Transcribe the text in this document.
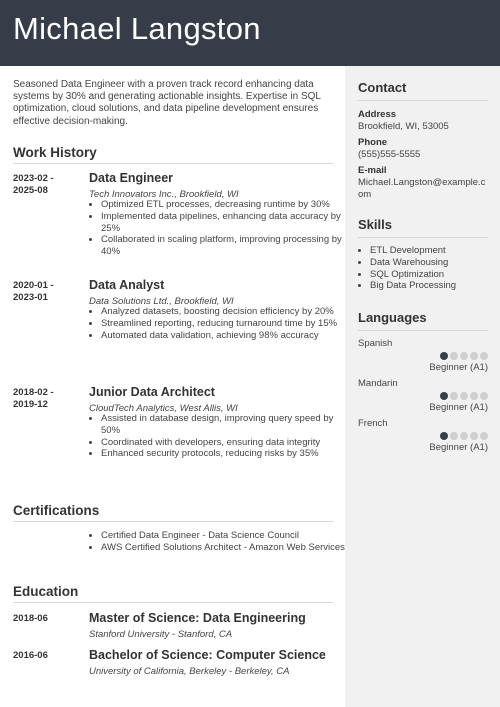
Michael Langston
Contact
Address
Brookfield, WI, 53005
Phone
(555)555-5555
E-mail
Michael.Langston@example.com
Skills
• ETL Development
• Data Warehousing
• SQL Optimization
• Big Data Processing
Languages
Spanish
Beginner (A1)
Mandarin
Beginner (A1)
French
Beginner (A1)
Seasoned Data Engineer with a proven track record enhancing data systems by 30% and generating actionable insights. Expertise in SQL optimization, cloud solutions, and data pipeline development ensures effective decision-making.
Work History
2023-02 -
2025-08
Data Engineer
Tech Innovators Inc., Brookfield, WI
• Optimized ETL processes, decreasing runtime by 30%
• Implemented data pipelines, enhancing data accuracy by 25%
• Collaborated in scaling platform, improving processing by 40%
2020-01 -
2023-01
Data Analyst
Data Solutions Ltd., Brookfield, WI
• Analyzed datasets, boosting decision efficiency by 20%
• Streamlined reporting, reducing turnaround time by 15%
• Automated data validation, achieving 98% accuracy
2018-02 -
2019-12
Junior Data Architect
CloudTech Analytics, West Allis, WI
• Assisted in database design, improving query speed by 50%
• Coordinated with developers, ensuring data integrity
• Enhanced security protocols, reducing risks by 35%
Certifications
• Certified Data Engineer - Data Science Council
• AWS Certified Solutions Architect - Amazon Web Services
Education
2018-06	Master of Science: Data Engineering
Stanford University - Stanford, CA
2016-06	Bachelor of Science: Computer Science
University of California, Berkeley - Berkeley, CA
